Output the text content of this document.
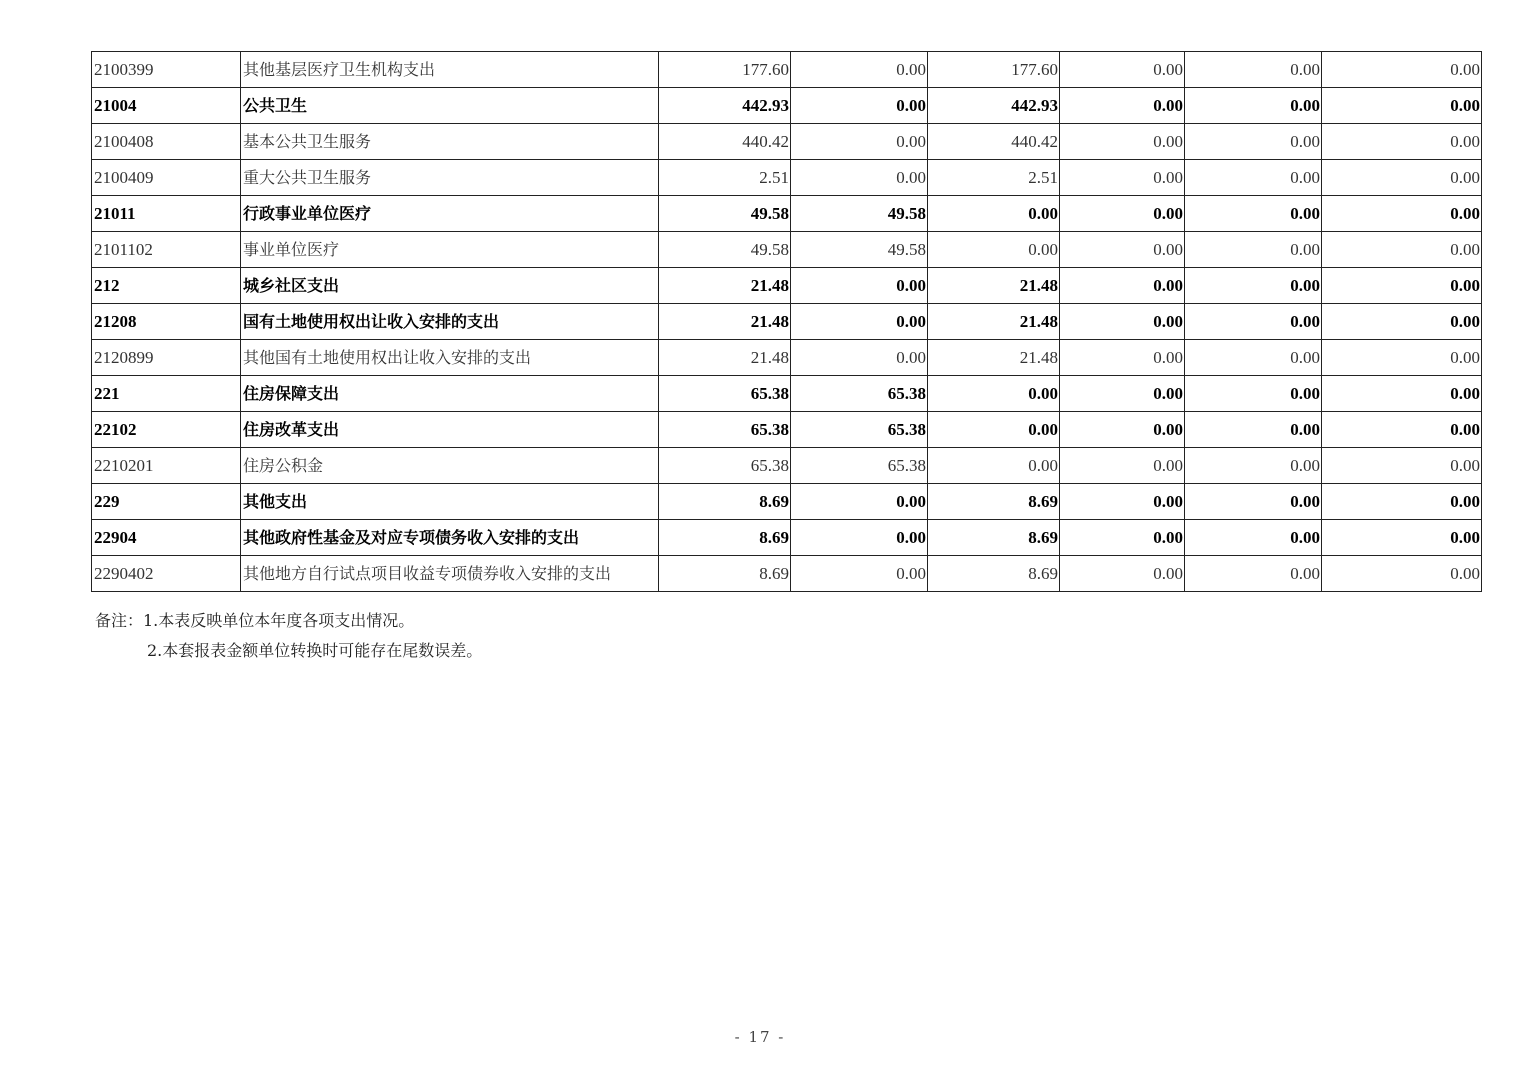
2100399	其他基层医疗卫生机构支出	177.60	0.00	177.60	0.00	0.00	0.00
21004	公共卫生	442.93	0.00	442.93	0.00	0.00	0.00
2100408	基本公共卫生服务	440.42	0.00	440.42	0.00	0.00	0.00
2100409	重大公共卫生服务	2.51	0.00	2.51	0.00	0.00	0.00
21011	行政事业单位医疗	49.58	49.58	0.00	0.00	0.00	0.00
2101102	事业单位医疗	49.58	49.58	0.00	0.00	0.00	0.00
212	城乡社区支出	21.48	0.00	21.48	0.00	0.00	0.00
21208	国有土地使用权出让收入安排的支出	21.48	0.00	21.48	0.00	0.00	0.00
2120899	其他国有土地使用权出让收入安排的支出	21.48	0.00	21.48	0.00	0.00	0.00
221	住房保障支出	65.38	65.38	0.00	0.00	0.00	0.00
22102	住房改革支出	65.38	65.38	0.00	0.00	0.00	0.00
2210201	住房公积金	65.38	65.38	0.00	0.00	0.00	0.00
229	其他支出	8.69	0.00	8.69	0.00	0.00	0.00
22904	其他政府性基金及对应专项债务收入安排的支出	8.69	0.00	8.69	0.00	0.00	0.00
2290402	其他地方自行试点项目收益专项债券收入安排的支出	8.69	0.00	8.69	0.00	0.00	0.00
备注：1.本表反映单位本年度各项支出情况。
2.本套报表金额单位转换时可能存在尾数误差。
- 17 -
